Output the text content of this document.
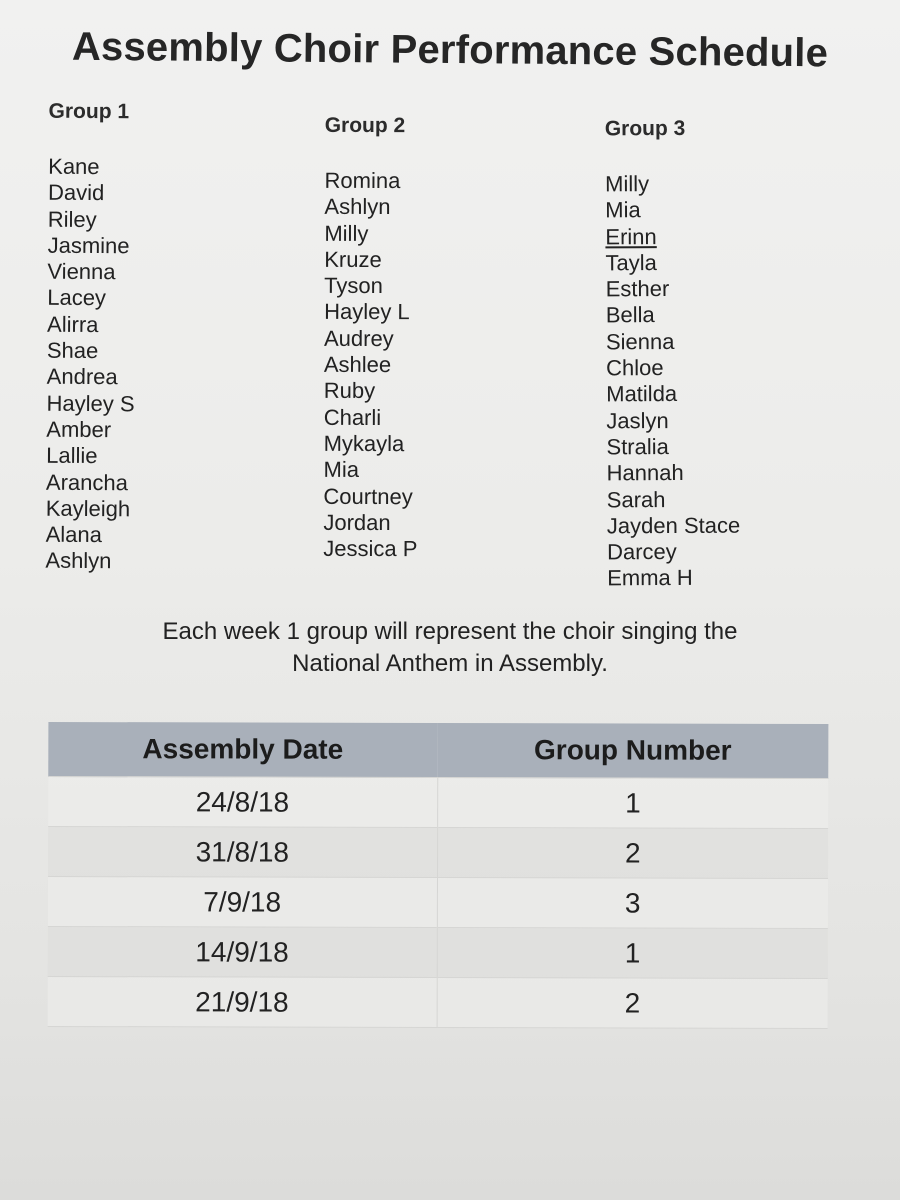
Assembly Choir Performance Schedule
Group 1
Kane
David
Riley
Jasmine
Vienna
Lacey
Alirra
Shae
Andrea
Hayley S
Amber
Lallie
Arancha
Kayleigh
Alana
Ashlyn
Group 2
Romina
Ashlyn
Milly
Kruze
Tyson
Hayley L
Audrey
Ashlee
Ruby
Charli
Mykayla
Mia
Courtney
Jordan
Jessica P
Group 3
Milly
Mia
Erinn
Tayla
Esther
Bella
Sienna
Chloe
Matilda
Jaslyn
Stralia
Hannah
Sarah
Jayden Stace
Darcey
Emma H
Each week 1 group will represent the choir singing the
National Anthem in Assembly.
Assembly Date	Group Number
24/8/18	1
31/8/18	2
7/9/18	3
14/9/18	1
21/9/18	2
